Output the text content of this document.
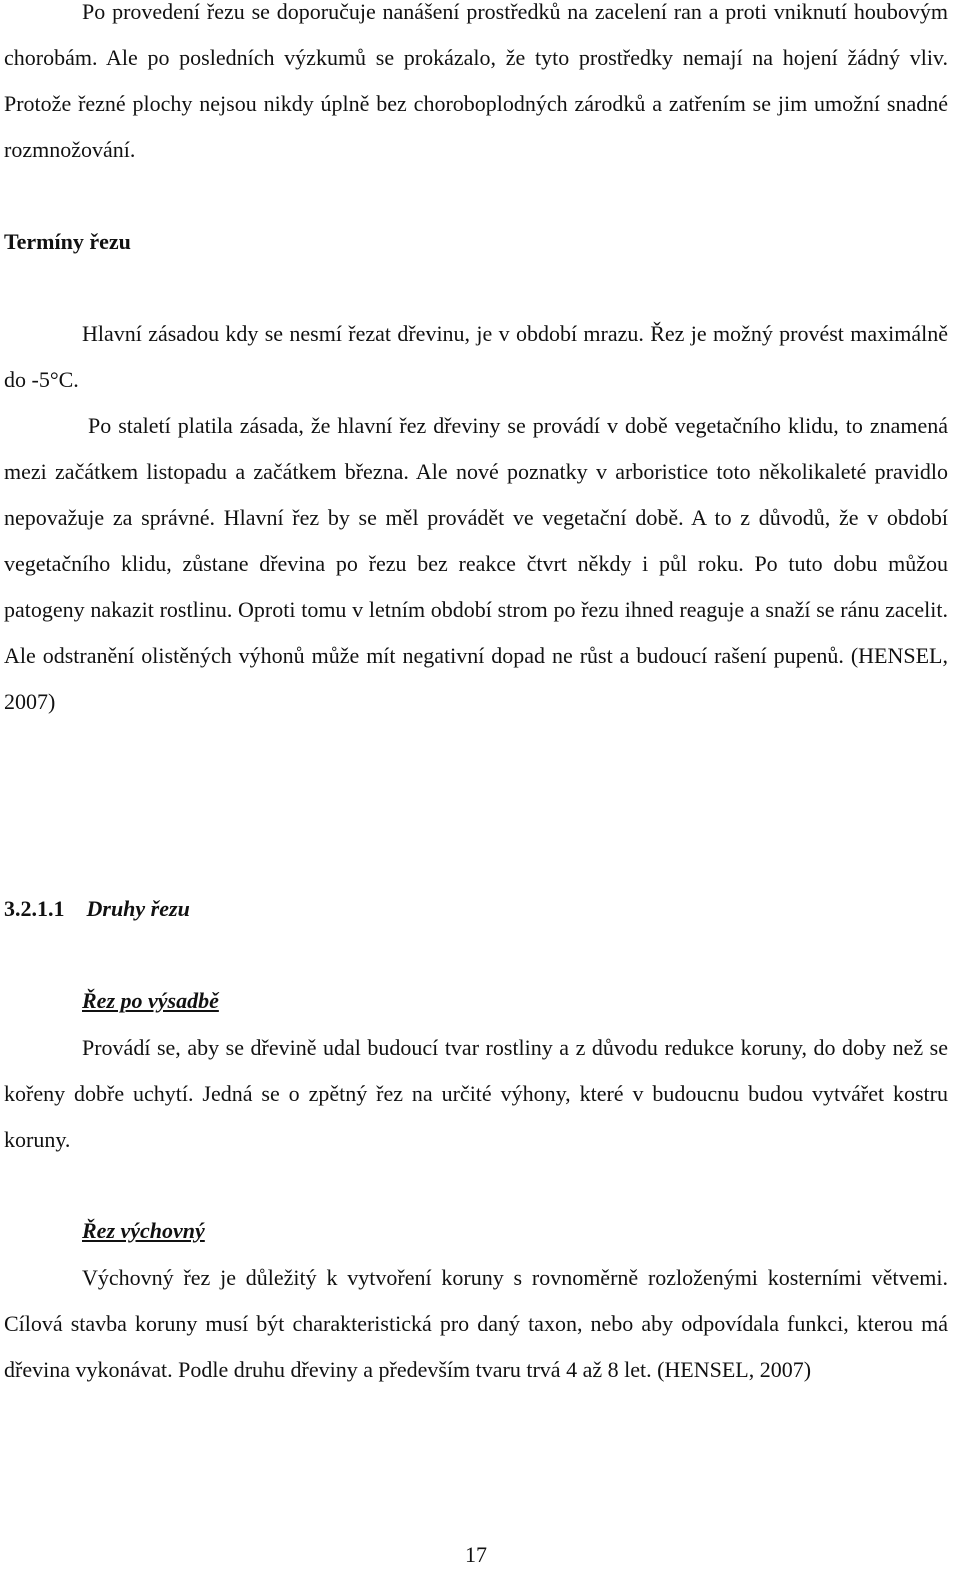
Po provedení řezu se doporučuje nanášení prostředků na zacelení ran a proti vniknutí houbovým chorobám. Ale po posledních výzkumů se prokázalo, že tyto prostředky nemají na hojení žádný vliv. Protože řezné plochy nejsou nikdy úplně bez choroboplodných zárodků a zatřením se jim umožní snadné rozmnožování.

Termíny řezu

Hlavní zásadou kdy se nesmí řezat dřevinu, je v období mrazu. Řez je možný provést maximálně do -5°C.

Po staletí platila zásada, že hlavní řez dřeviny se provádí v době vegetačního klidu, to znamená mezi začátkem listopadu a začátkem března. Ale nové poznatky v arboristice toto několikaleté pravidlo nepovažuje za správné. Hlavní řez by se měl provádět ve vegetační době. A to z důvodů, že v období vegetačního klidu, zůstane dřevina po řezu bez reakce čtvrt někdy i půl roku. Po tuto dobu můžou patogeny nakazit rostlinu. Oproti tomu v letním období strom po řezu ihned reaguje a snaží se ránu zacelit. Ale odstranění olistěných výhonů může mít negativní dopad ne růst a budoucí rašení pupenů. (HENSEL, 2007)

3.2.1.1 Druhy řezu

Řez po výsadbě

Provádí se, aby se dřevině udal budoucí tvar rostliny a z důvodu redukce koruny, do doby než se kořeny dobře uchytí. Jedná se o zpětný řez na určité výhony, které v budoucnu budou vytvářet kostru koruny.

Řez výchovný

Výchovný řez je důležitý k vytvoření koruny s rovnoměrně rozloženými kosterními větvemi. Cílová stavba koruny musí být charakteristická pro daný taxon, nebo aby odpovídala funkci, kterou má dřevina vykonávat. Podle druhu dřeviny a především tvaru trvá 4 až 8 let. (HENSEL, 2007)

17
